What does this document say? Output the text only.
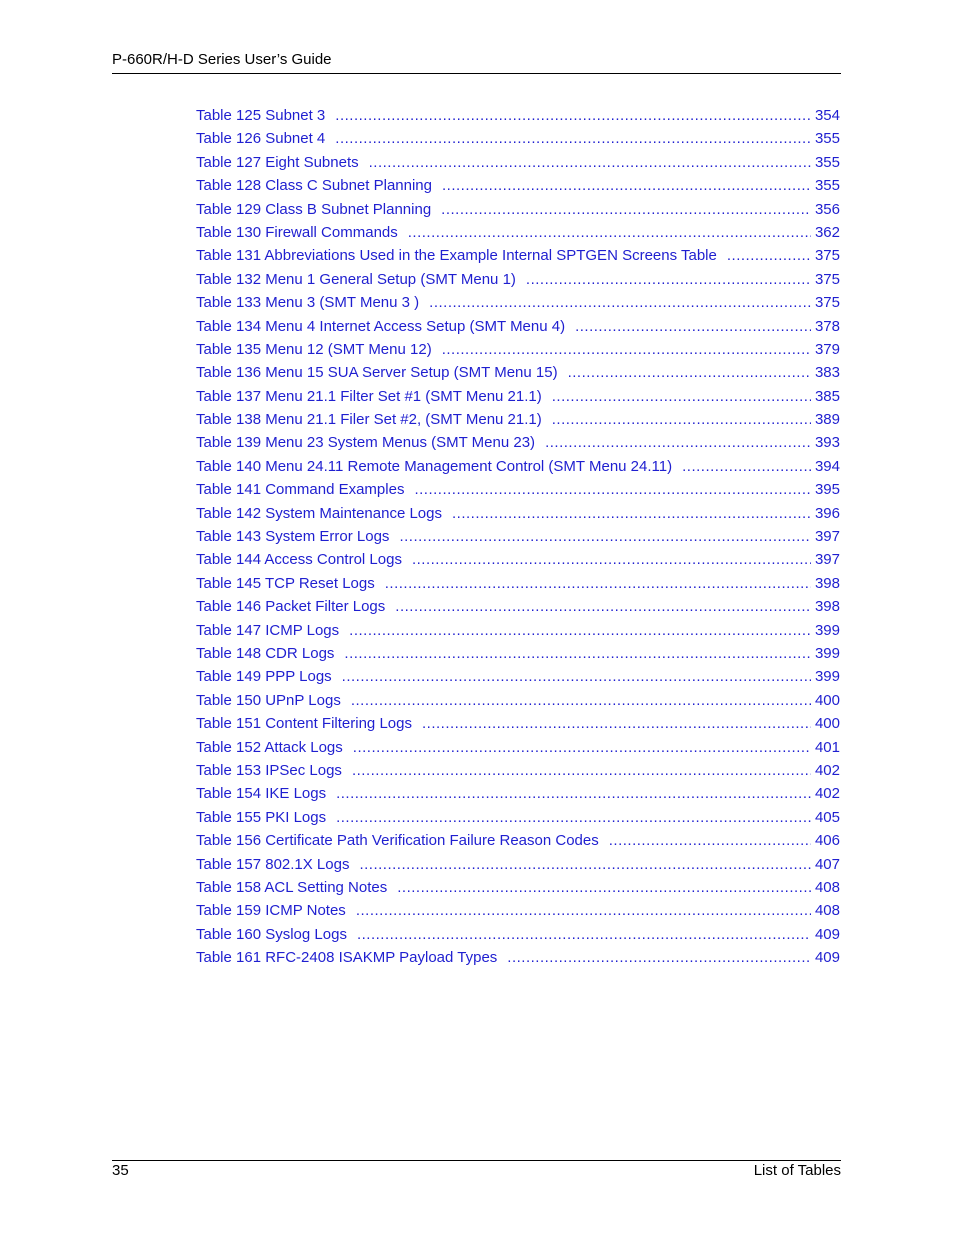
P-660R/H-D Series User’s Guide
Table 125 Subnet 3 .....	354
Table 126 Subnet 4 .....	355
Table 127 Eight Subnets .....	355
Table 128 Class C Subnet Planning .....	355
Table 129 Class B Subnet Planning .....	356
Table 130 Firewall Commands .....	362
Table 131 Abbreviations Used in the Example Internal SPTGEN Screens Table .....	375
Table 132 Menu 1 General Setup (SMT Menu 1) .....	375
Table 133 Menu 3 (SMT Menu 3 ) .....	375
Table 134 Menu 4 Internet Access Setup (SMT Menu 4) .....	378
Table 135 Menu 12 (SMT Menu 12) .....	379
Table 136 Menu 15 SUA Server Setup (SMT Menu 15) .....	383
Table 137 Menu 21.1 Filter Set #1 (SMT Menu 21.1) .....	385
Table 138 Menu 21.1 Filer Set #2, (SMT Menu 21.1) .....	389
Table 139 Menu 23 System Menus (SMT Menu 23) .....	393
Table 140 Menu 24.11 Remote Management Control (SMT Menu 24.11) .....	394
Table 141 Command Examples .....	395
Table 142 System Maintenance Logs .....	396
Table 143 System Error Logs .....	397
Table 144 Access Control Logs .....	397
Table 145 TCP Reset Logs .....	398
Table 146 Packet Filter Logs .....	398
Table 147 ICMP Logs .....	399
Table 148 CDR Logs .....	399
Table 149 PPP Logs .....	399
Table 150 UPnP Logs .....	400
Table 151 Content Filtering Logs .....	400
Table 152 Attack Logs .....	401
Table 153 IPSec Logs .....	402
Table 154 IKE Logs .....	402
Table 155 PKI Logs .....	405
Table 156 Certificate Path Verification Failure Reason Codes .....	406
Table 157 802.1X Logs .....	407
Table 158 ACL Setting Notes .....	408
Table 159 ICMP Notes .....	408
Table 160 Syslog Logs .....	409
Table 161 RFC-2408 ISAKMP Payload Types .....	409
35	List of Tables
